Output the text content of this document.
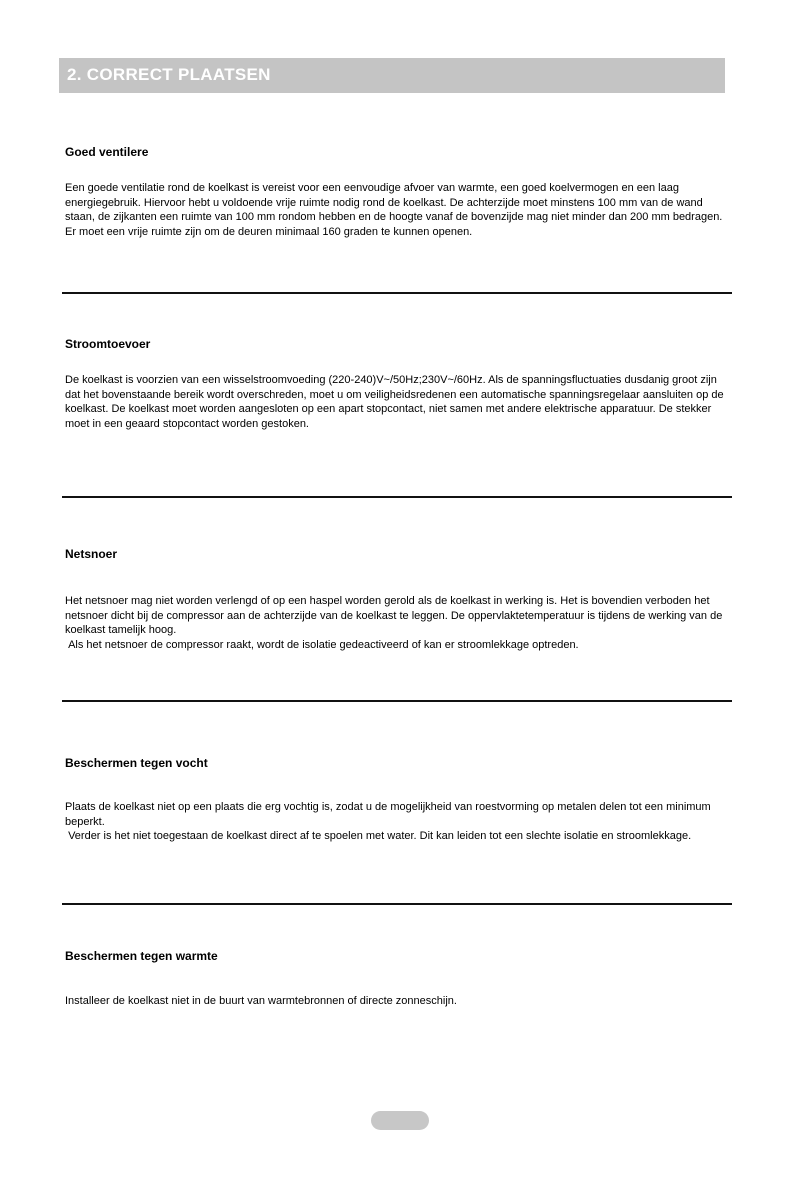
2. CORRECT PLAATSEN
Goed ventilere

Een goede ventilatie rond de koelkast is vereist voor een eenvoudige afvoer van warmte, een goed koelvermogen en een laag energiegebruik. Hiervoor hebt u voldoende vrije ruimte nodig rond de koelkast. De achterzijde moet minstens 100 mm van de wand staan, de zijkanten een ruimte van 100 mm rondom hebben en de hoogte vanaf de bovenzijde mag niet minder dan 200 mm bedragen. Er moet een vrije ruimte zijn om de deuren minimaal 160 graden te kunnen openen.

Stroomtoevoer

De koelkast is voorzien van een wisselstroomvoeding (220-240)V~/50Hz;230V~/60Hz. Als de spanningsfluctuaties dusdanig groot zijn dat het bovenstaande bereik wordt overschreden, moet u om veiligheidsredenen een automatische spanningsregelaar aansluiten op de koelkast. De koelkast moet worden aangesloten op een apart stopcontact, niet samen met andere elektrische apparatuur. De stekker moet in een geaard stopcontact worden gestoken.

Netsnoer

Het netsnoer mag niet worden verlengd of op een haspel worden gerold als de koelkast in werking is. Het is bovendien verboden het netsnoer dicht bij de compressor aan de achterzijde van de koelkast te leggen. De oppervlaktetemperatuur is tijdens de werking van de koelkast tamelijk hoog.

Als het netsnoer de compressor raakt, wordt de isolatie gedeactiveerd of kan er stroomlekkage optreden.

Beschermen tegen vocht

Plaats de koelkast niet op een plaats die erg vochtig is, zodat u de mogelijkheid van roestvorming op metalen delen tot een minimum beperkt.

Verder is het niet toegestaan de koelkast direct af te spoelen met water. Dit kan leiden tot een slechte isolatie en stroomlekkage.

Beschermen tegen warmte

Installeer de koelkast niet in de buurt van warmtebronnen of directe zonneschijn.
